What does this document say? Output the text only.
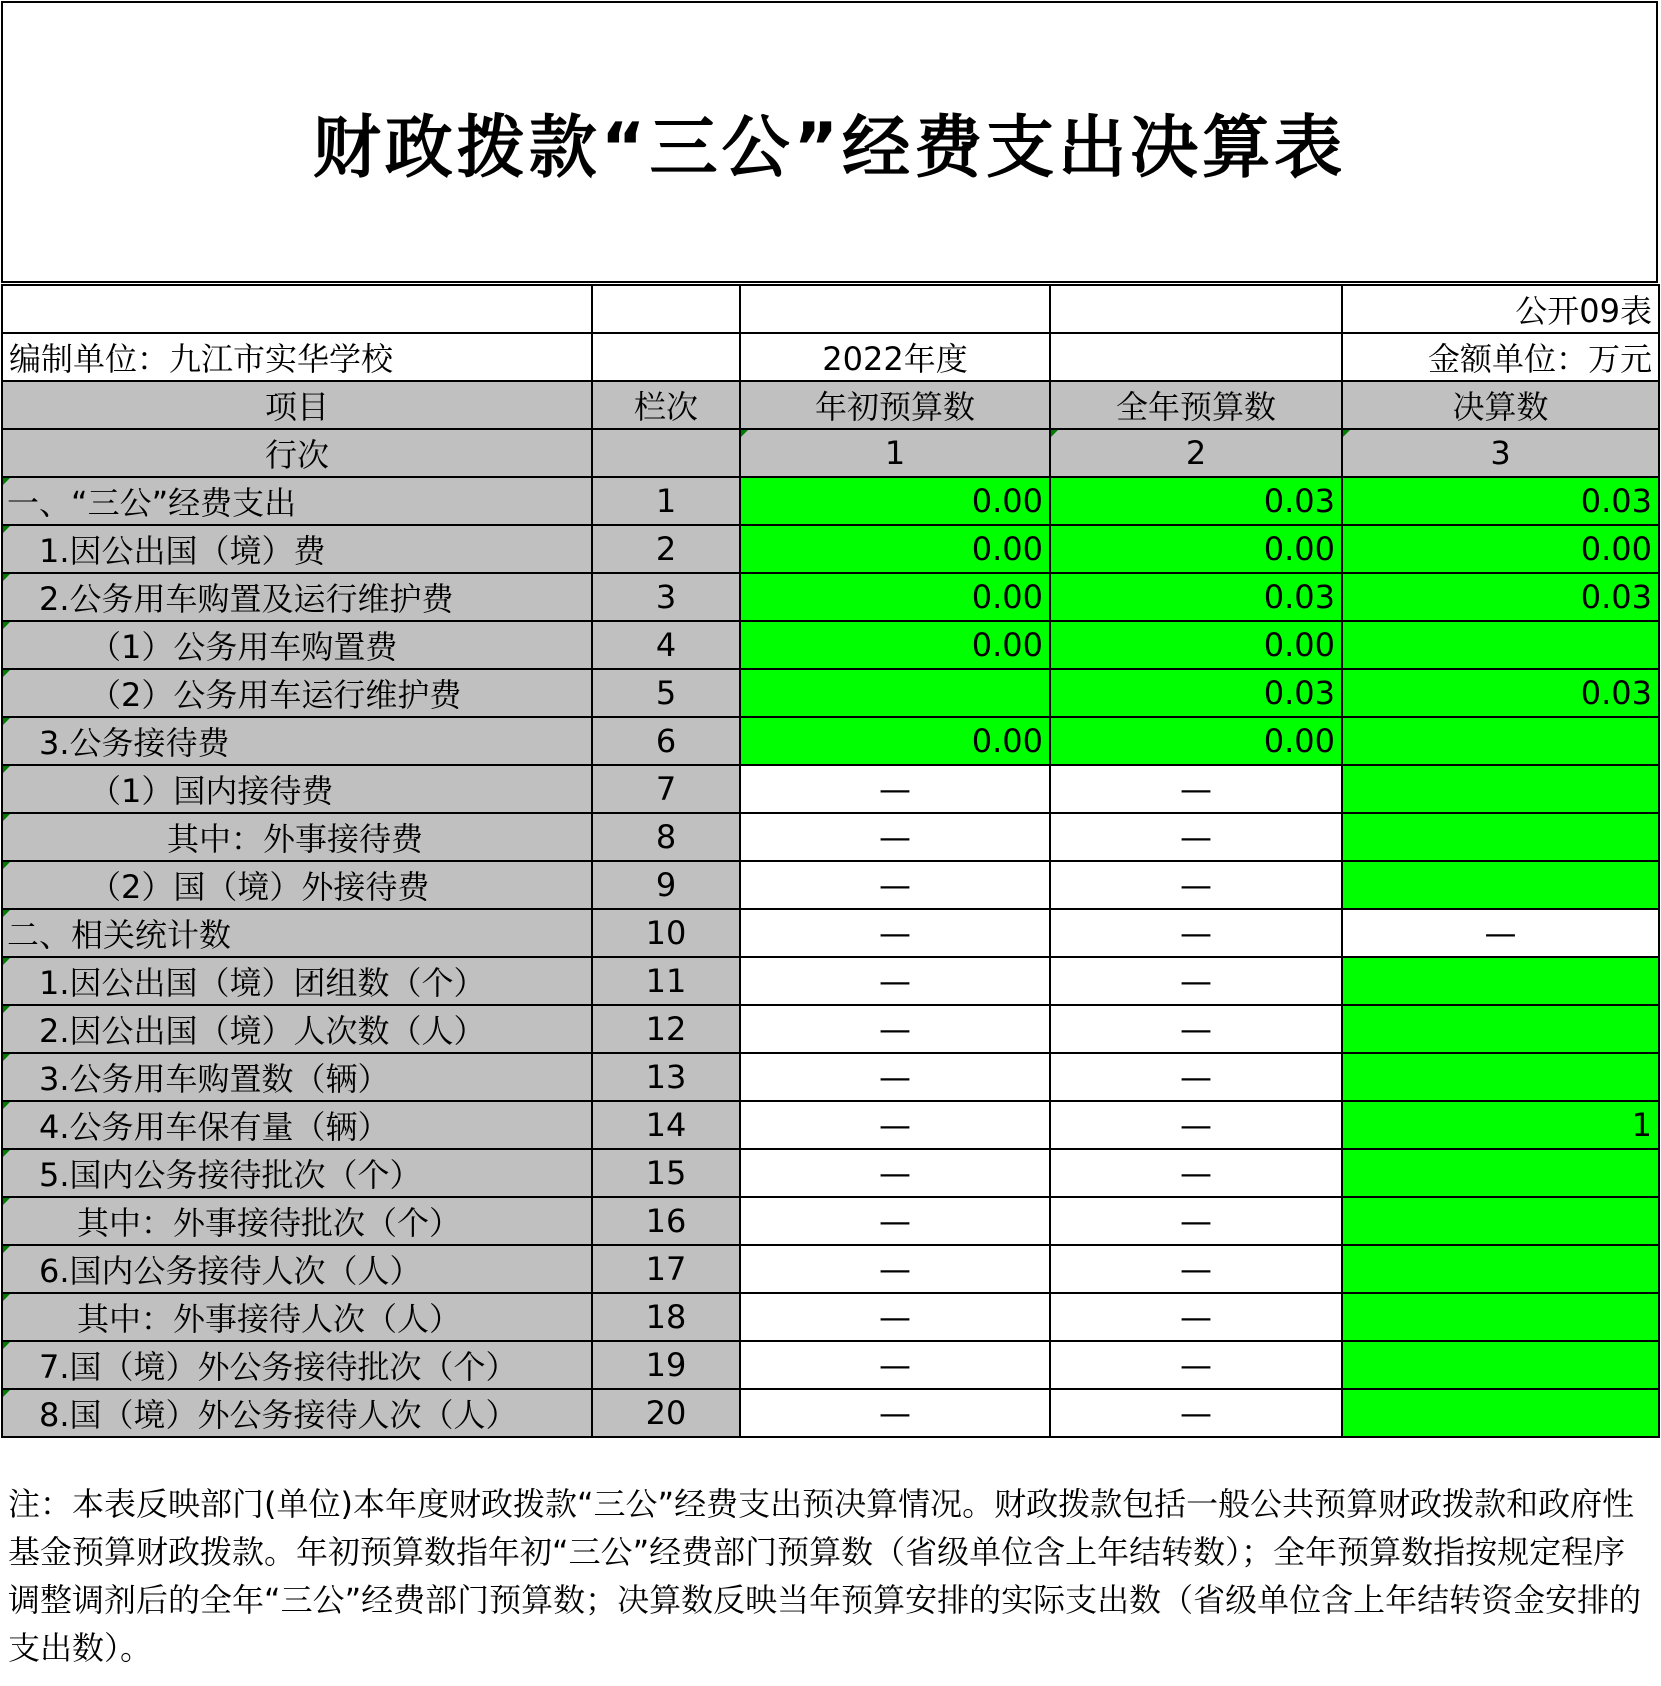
财政拨款“三公”经费支出决算表
				公开09表
编制单位：九江市实华学校		2022年度		金额单位：万元
项目	栏次	年初预算数	全年预算数	决算数
行次		1	2	3
一、“三公”经费支出	1	0.00	0.03	0.03
1.因公出国（境）费	2	0.00	0.00	0.00
2.公务用车购置及运行维护费	3	0.00	0.03	0.03
（1）公务用车购置费	4	0.00	0.00	
（2）公务用车运行维护费	5		0.03	0.03
3.公务接待费	6	0.00	0.00	
（1）国内接待费	7	—	—	
其中：外事接待费	8	—	—	
（2）国（境）外接待费	9	—	—	
二、相关统计数	10	—	—	—
1.因公出国（境）团组数（个）	11	—	—	
2.因公出国（境）人次数（人）	12	—	—	
3.公务用车购置数（辆）	13	—	—	
4.公务用车保有量（辆）	14	—	—	1
5.国内公务接待批次（个）	15	—	—	
其中：外事接待批次（个）	16	—	—	
6.国内公务接待人次（人）	17	—	—	
其中：外事接待人次（人）	18	—	—	
7.国（境）外公务接待批次（个）	19	—	—	
8.国（境）外公务接待人次（人）	20	—	—	
注：本表反映部门(单位)本年度财政拨款“三公”经费支出预决算情况。财政拨款包括一般公共预算财政拨款和政府性基金预算财政拨款。年初预算数指年初“三公”经费部门预算数（省级单位含上年结转数）；全年预算数指按规定程序调整调剂后的全年“三公”经费部门预算数；决算数反映当年预算安排的实际支出数（省级单位含上年结转资金安排的支出数）。
